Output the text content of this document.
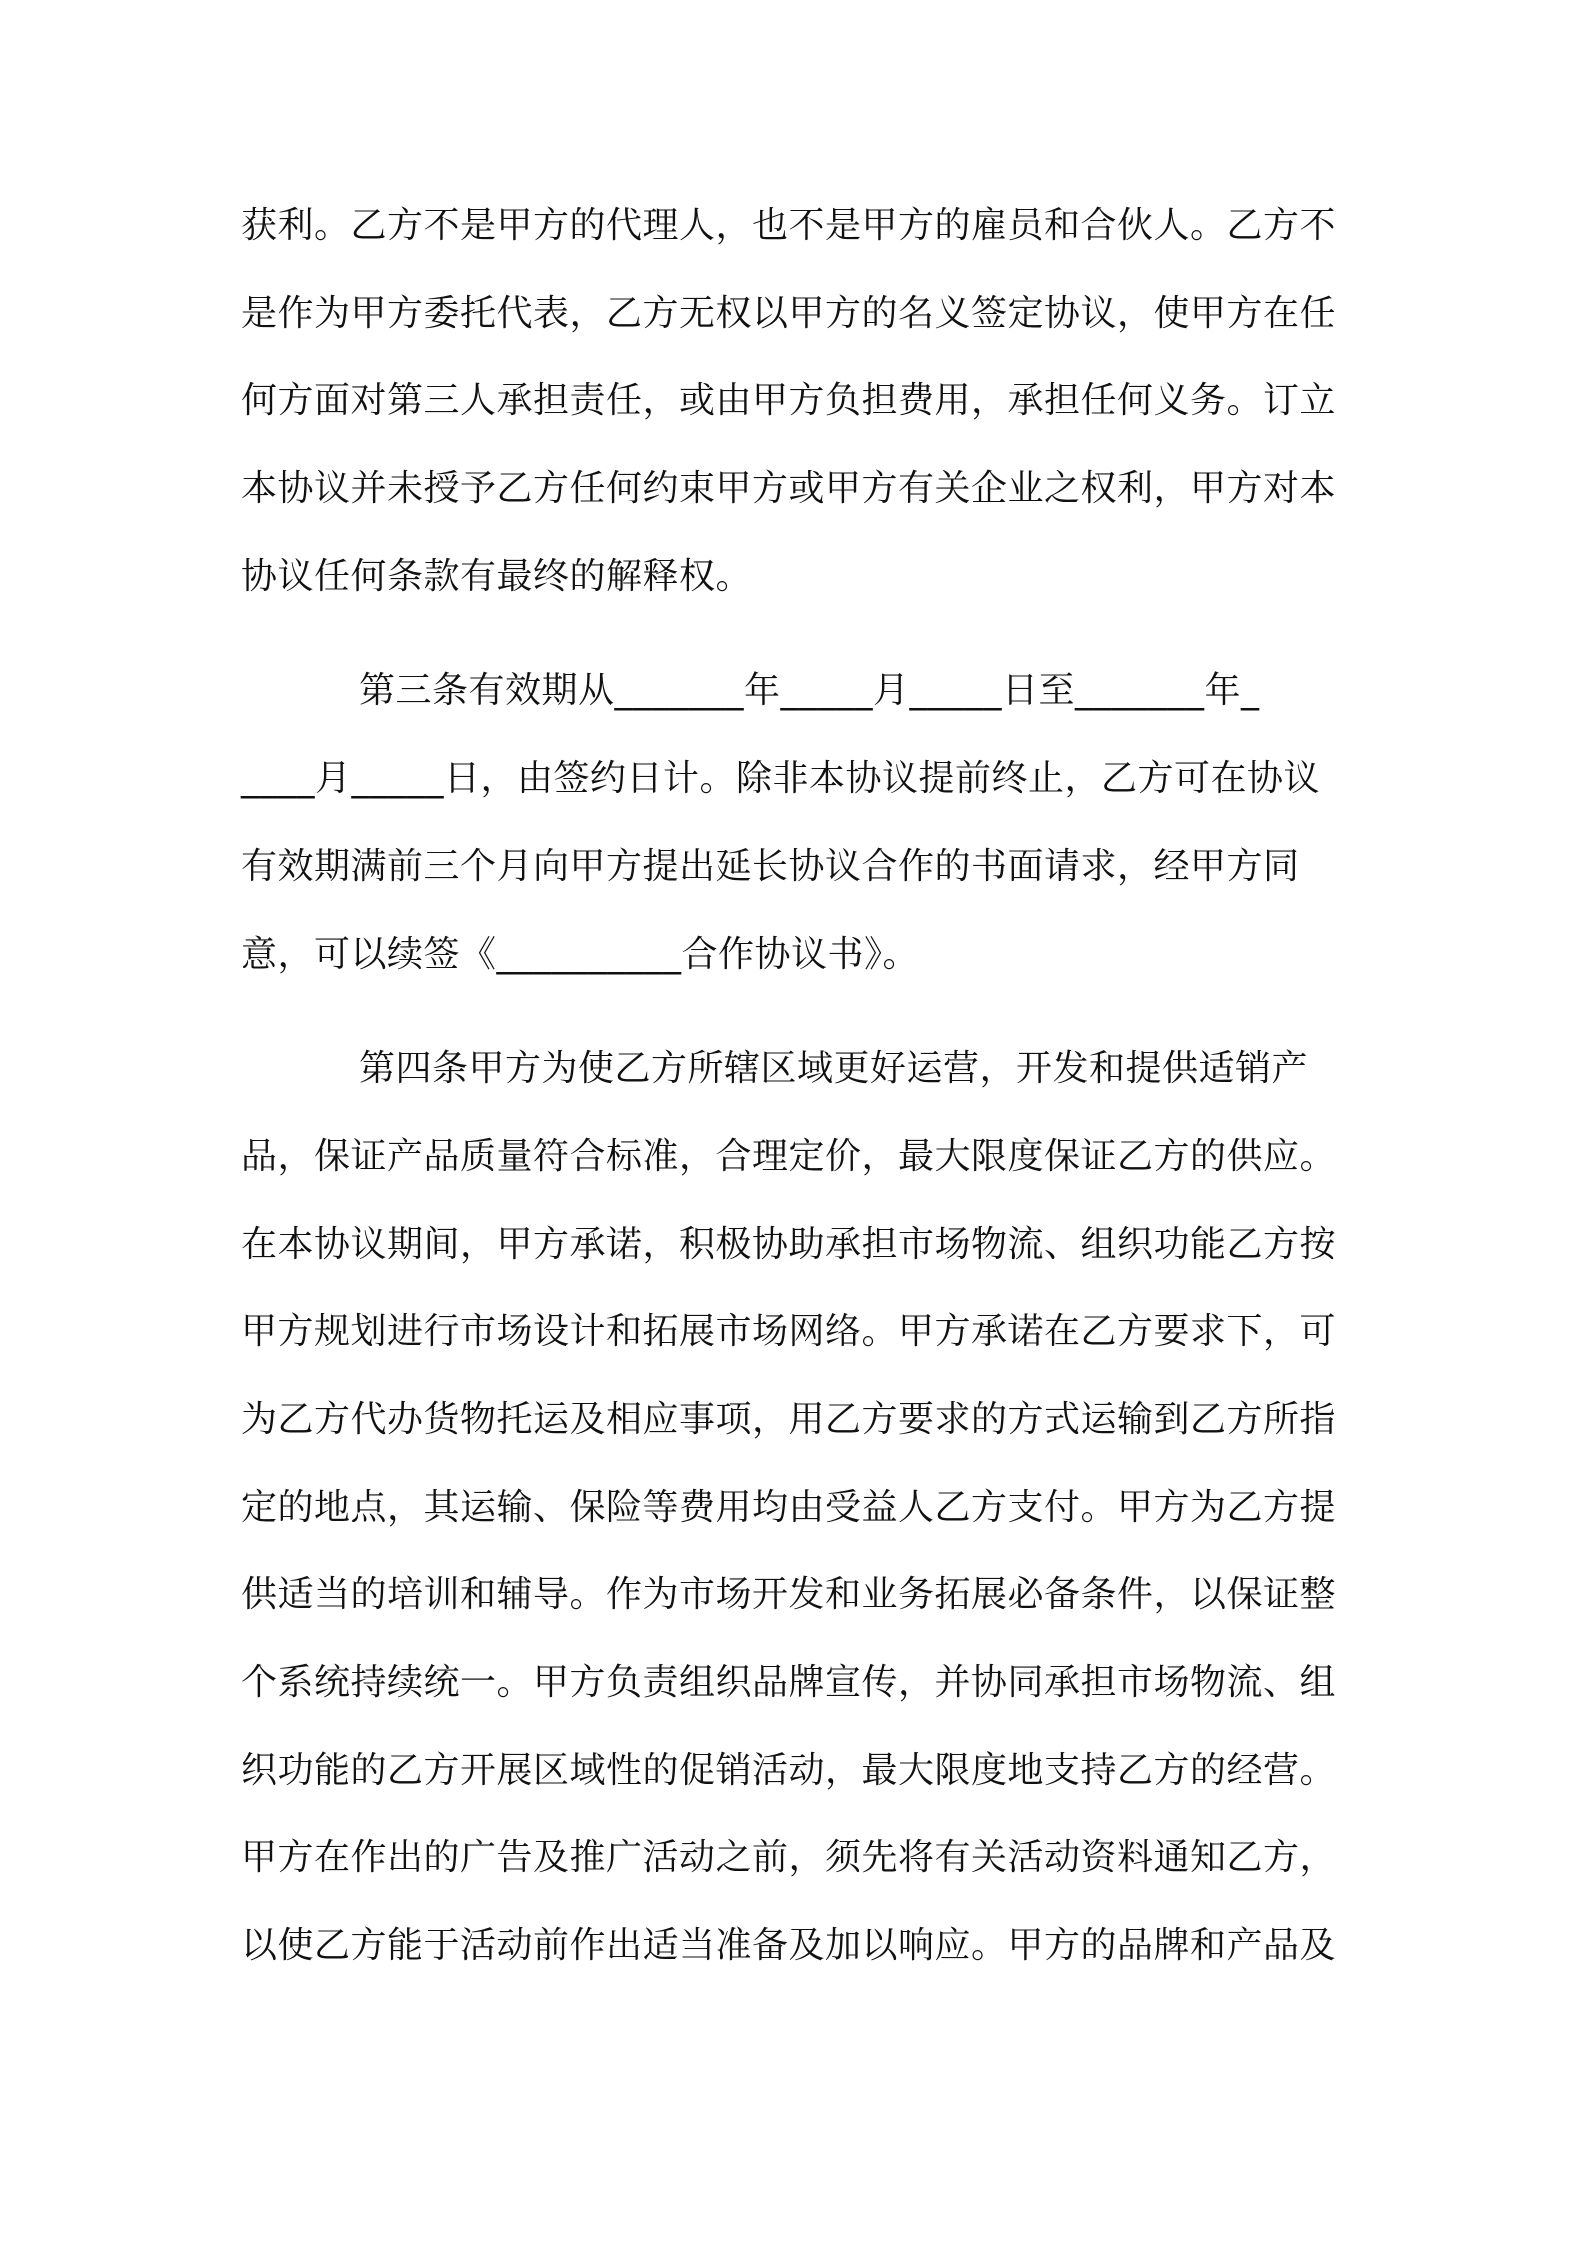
获利。乙方不是甲方的代理人，也不是甲方的雇员和合伙人。乙方不
是作为甲方委托代表，乙方无权以甲方的名义签定协议，使甲方在任
何方面对第三人承担责任，或由甲方负担费用，承担任何义务。订立
本协议并未授予乙方任何约束甲方或甲方有关企业之权利，甲方对本
协议任何条款有最终的解释权。
第三条有效期从_______年_____月_____日至_______年_
____月_____日，由签约日计。除非本协议提前终止，乙方可在协议
有效期满前三个月向甲方提出延长协议合作的书面请求，经甲方同
意，可以续签《__________合作协议书》。
第四条甲方为使乙方所辖区域更好运营，开发和提供适销产
品，保证产品质量符合标准，合理定价，最大限度保证乙方的供应。
在本协议期间，甲方承诺，积极协助承担市场物流、组织功能乙方按
甲方规划进行市场设计和拓展市场网络。甲方承诺在乙方要求下，可
为乙方代办货物托运及相应事项，用乙方要求的方式运输到乙方所指
定的地点，其运输、保险等费用均由受益人乙方支付。甲方为乙方提
供适当的培训和辅导。作为市场开发和业务拓展必备条件，以保证整
个系统持续统一。甲方负责组织品牌宣传，并协同承担市场物流、组
织功能的乙方开展区域性的促销活动，最大限度地支持乙方的经营。
甲方在作出的广告及推广活动之前，须先将有关活动资料通知乙方，
以使乙方能于活动前作出适当准备及加以响应。甲方的品牌和产品及
